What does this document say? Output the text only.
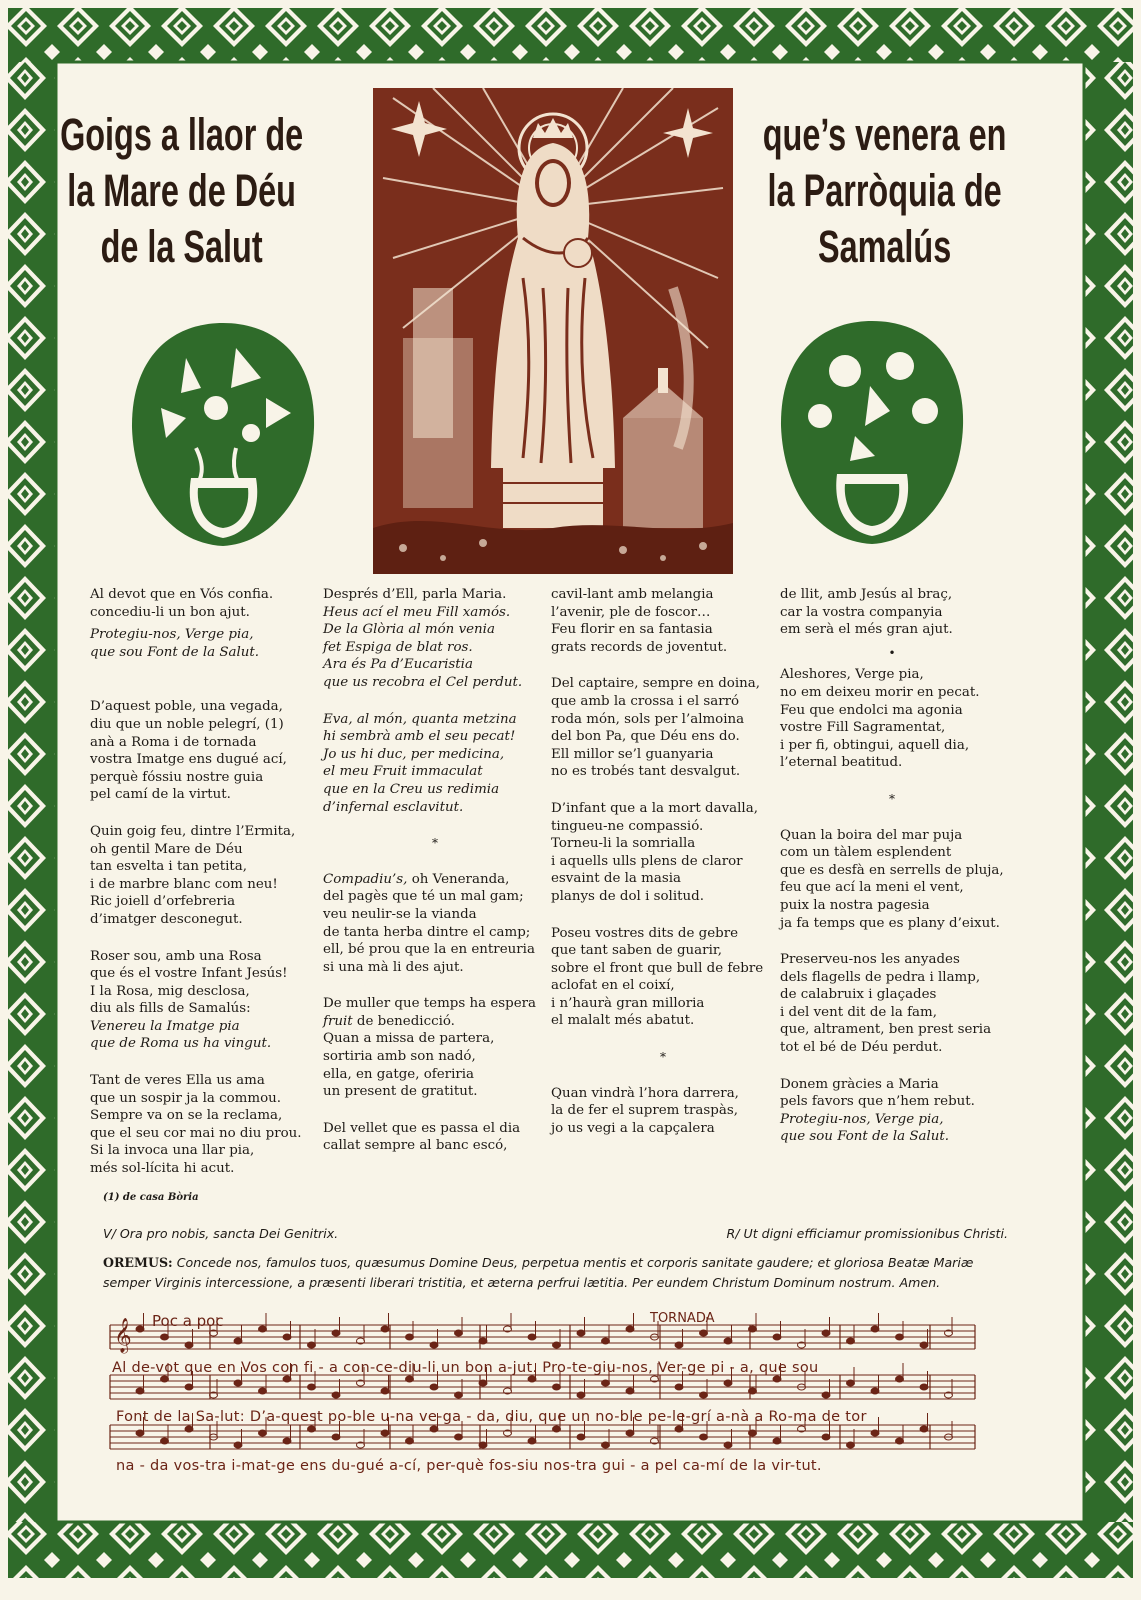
Goigs a llaor de
la Mare de Déu
de la Salut
que’s venera en
la Parròquia de
Samalús
Al devot que en Vós confia.
concediu-li un bon ajut.
Protegiu-nos, Verge pia,
que sou Font de la Salut.
D’aquest poble, una vegada,
diu que un noble pelegrí, (1)
anà a Roma i de tornada
vostra Imatge ens dugué ací,
perquè fóssiu nostre guia
pel camí de la virtut.
Quin goig feu, dintre l’Ermita,
oh gentil Mare de Déu
tan esvelta i tan petita,
i de marbre blanc com neu!
Ric joiell d’orfebreria
d’imatger desconegut.
Roser sou, amb una Rosa
que és el vostre Infant Jesús!
I la Rosa, mig desclosa,
diu als fills de Samalús:
Venereu la Imatge pia
que de Roma us ha vingut.
Tant de veres Ella us ama
que un sospir ja la commou.
Sempre va on se la reclama,
que el seu cor mai no diu prou.
Si la invoca una llar pia,
més sol-lícita hi acut.
Després d’Ell, parla Maria.
Heus ací el meu Fill xamós.
De la Glòria al món venia
fet Espiga de blat ros.
Ara és Pa d’Eucaristia
que us recobra el Cel perdut.
Eva, al món, quanta metzina
hi sembrà amb el seu pecat!
Jo us hi duc, per medicina,
el meu Fruit immaculat
que en la Creu us redimia
d’infernal esclavitut.
*
Compadiu’s, oh Veneranda,
del pagès que té un mal gam;
veu neulir-se la vianda
de tanta herba dintre el camp;
ell, bé prou que la en entreuria
si una mà li des ajut.
De muller que temps ha espera
fruit de benedicció.
Quan a missa de partera,
sortiria amb son nadó,
ella, en gatge, oferiria
un present de gratitut.
Del vellet que es passa el dia
callat sempre al banc escó,
cavil-lant amb melangia
l’avenir, ple de foscor…
Feu florir en sa fantasia
grats records de joventut.
Del captaire, sempre en doina,
que amb la crossa i el sarró
roda món, sols per l’almoina
del bon Pa, que Déu ens do.
Ell millor se’l guanyaria
no es trobés tant desvalgut.
D’infant que a la mort davalla,
tingueu-ne compassió.
Torneu-li la somrialla
i aquells ulls plens de claror
esvaint de la masia
planys de dol i solitud.
Poseu vostres dits de gebre
que tant saben de guarir,
sobre el front que bull de febre
aclofat en el coixí,
i n’haurà gran milloria
el malalt més abatut.
*
Quan vindrà l’hora darrera,
la de fer el suprem traspàs,
jo us vegi a la capçalera
de llit, amb Jesús al braç,
car la vostra companyia
em serà el més gran ajut.
•
Aleshores, Verge pia,
no em deixeu morir en pecat.
Feu que endolci ma agonia
vostre Fill Sagramentat,
i per fi, obtingui, aquell dia,
l’eternal beatitud.
*
Quan la boira del mar puja
com un tàlem esplendent
que es desfà en serrells de pluja,
feu que ací la meni el vent,
puix la nostra pagesia
ja fa temps que es plany d’eixut.
Preserveu-nos les anyades
dels flagells de pedra i llamp,
de calabruix i glaçades
i del vent dit de la fam,
que, altrament, ben prest seria
tot el bé de Déu perdut.
Donem gràcies a Maria
pels favors que n’hem rebut.
Protegiu-nos, Verge pia,
que sou Font de la Salut.
(1) de casa Bòria
V/ Ora pro nobis, sancta Dei Genitrix.	R/ Ut digni efficiamur promissionibus Christi.
OREMUS: Concede nos, famulos tuos, quæsumus Domine Deus, perpetua mentis et corporis sanitate gaudere; et gloriosa Beatæ Mariæ semper Virginis intercessione, a præsenti liberari tristitia, et æterna perfrui lætitia. Per eundem Christum Dominum nostrum. Amen.
Poc a poc	TORNADA
𝄞
Al de-vot que en Vos con fi - a con-ce-diu-li un bon a-jut. Pro-te-giu-nos, Ver-ge pi - a, que sou
Font de la Sa-lut: D’a-quest po-ble u-na ve-ga - da, diu, que un no-ble pe-le-grí a-nà a Ro-ma de tor
na - da vos-tra i-mat-ge ens du-gué a-cí, per-què fos-siu nos-tra gui - a pel ca-mí de la vir-tut.
